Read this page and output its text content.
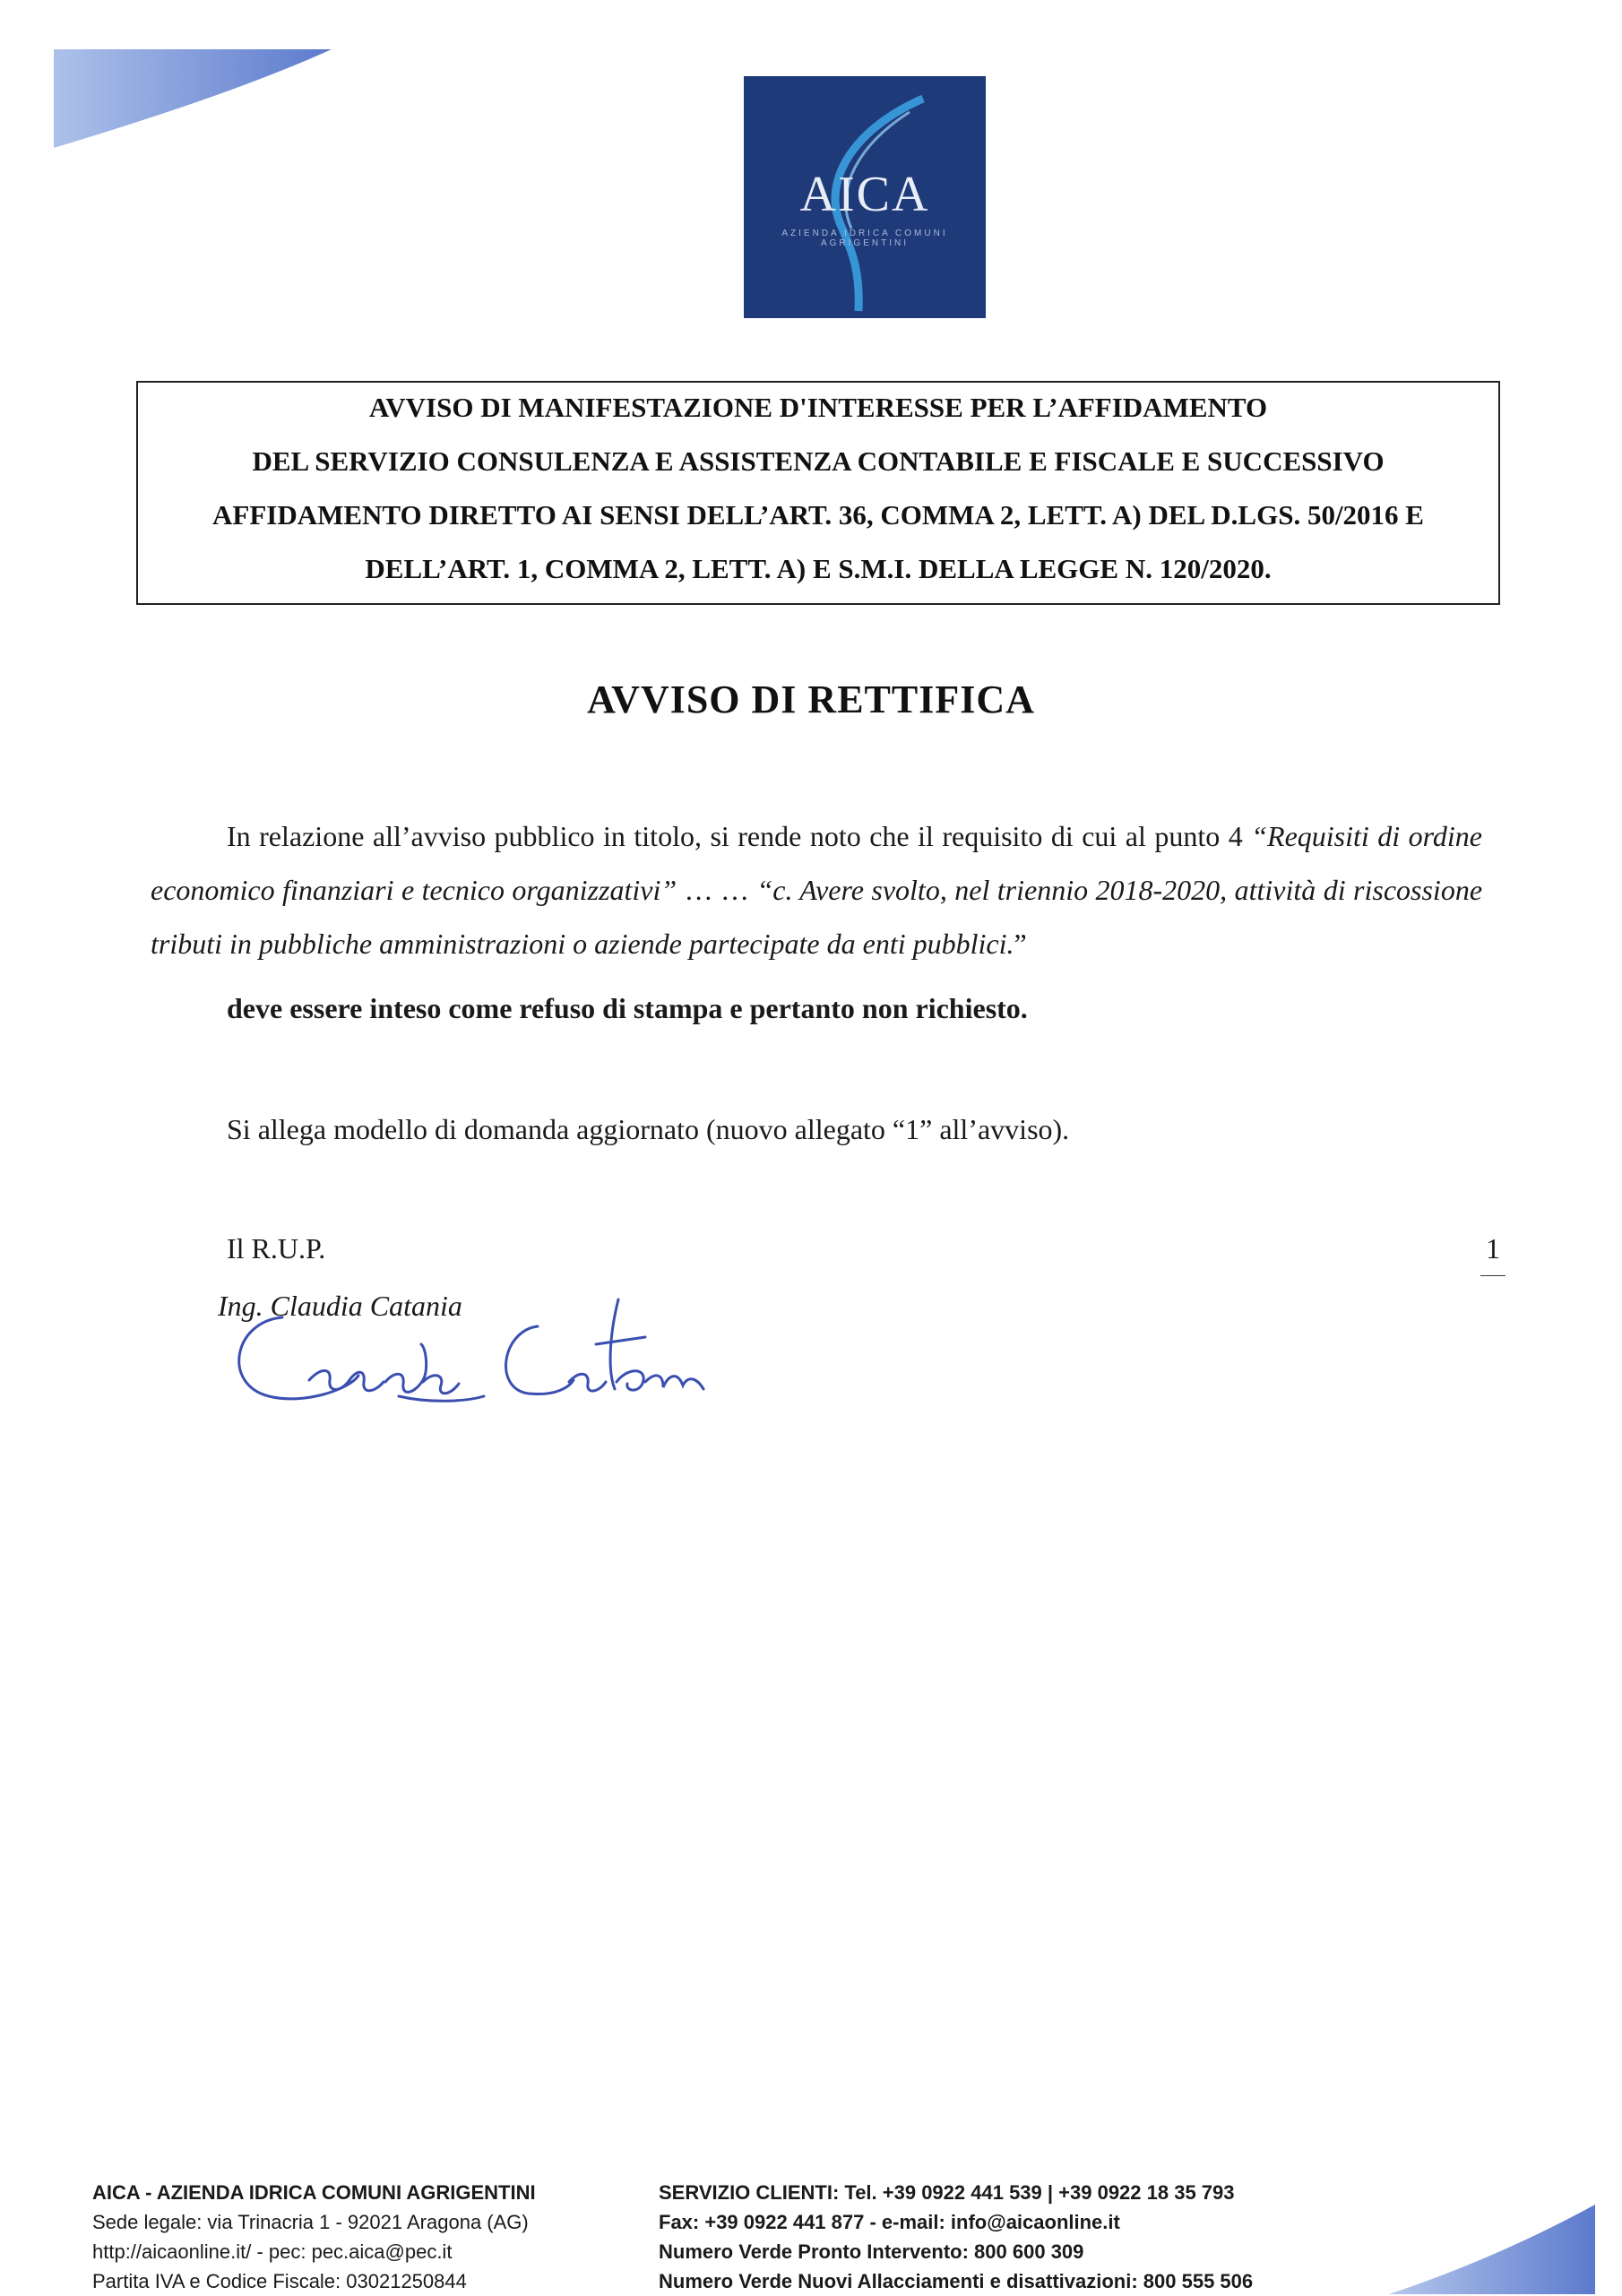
AICA
AZIENDA IDRICA COMUNI AGRIGENTINI

AVVISO DI MANIFESTAZIONE D'INTERESSE PER L’AFFIDAMENTO

DEL SERVIZIO CONSULENZA E ASSISTENZA CONTABILE E FISCALE E SUCCESSIVO

AFFIDAMENTO DIRETTO AI SENSI DELL’ART. 36, COMMA 2, LETT. A) DEL D.LGS. 50/2016 E

DELL’ART. 1, COMMA 2, LETT. A) E S.M.I. DELLA LEGGE N. 120/2020.

AVVISO DI RETTIFICA
In relazione all’avviso pubblico in titolo, si rende noto che il requisito di cui al punto 4 “Requisiti di ordine economico finanziari e tecnico organizzativi” … … “c. Avere svolto, nel triennio 2018-2020, attività di riscossione tributi in pubbliche amministrazioni o aziende partecipate da enti pubblici.”
deve essere inteso come refuso di stampa e pertanto non richiesto.
Si allega modello di domanda aggiornato (nuovo allegato “1” all’avviso).
Il R.U.P.	1
Ing. Claudia Catania
AICA - AZIENDA IDRICA COMUNI AGRIGENTINI
Sede legale: via Trinacria 1 - 92021 Aragona (AG)
http://aicaonline.it/ - pec: pec.aica@pec.it
Partita IVA e Codice Fiscale: 03021250844
SERVIZIO CLIENTI: Tel. +39 0922 441 539 | +39 0922 18 35 793
Fax: +39 0922 441 877 - e-mail: info@aicaonline.it
Numero Verde Pronto Intervento: 800 600 309
Numero Verde Nuovi Allacciamenti e disattivazioni: 800 555 506
